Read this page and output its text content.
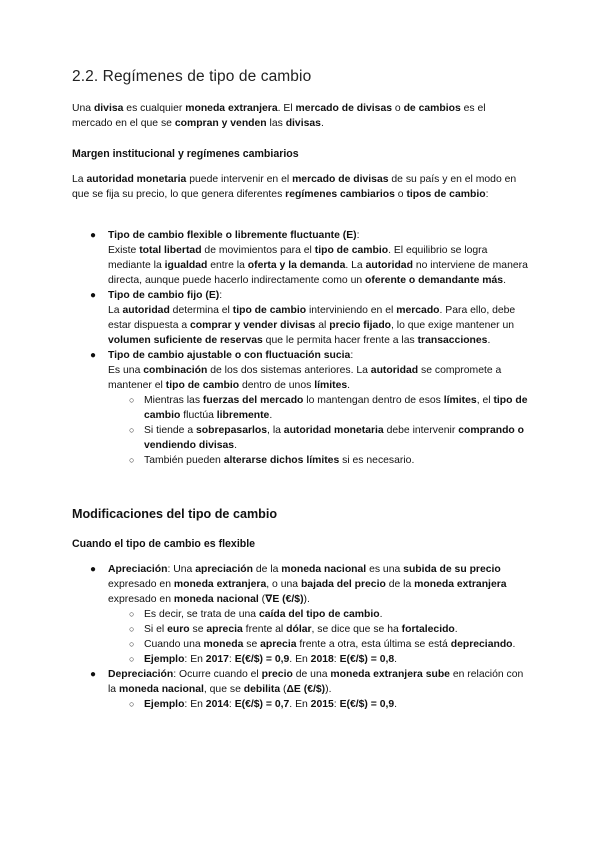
2.2. Regímenes de tipo de cambio

Una divisa es cualquier moneda extranjera. El mercado de divisas o de cambios es el mercado en el que se compran y venden las divisas.

Margen institucional y regímenes cambiarios

La autoridad monetaria puede intervenir en el mercado de divisas de su país y en el modo en que se fija su precio, lo que genera diferentes regímenes cambiarios o tipos de cambio:

● Tipo de cambio flexible o libremente fluctuante (E):
Existe total libertad de movimientos para el tipo de cambio. El equilibrio se logra mediante la igualdad entre la oferta y la demanda. La autoridad no interviene de manera directa, aunque puede hacerlo indirectamente como un oferente o demandante más.
● Tipo de cambio fijo (E):
La autoridad determina el tipo de cambio interviniendo en el mercado. Para ello, debe estar dispuesta a comprar y vender divisas al precio fijado, lo que exige mantener un volumen suficiente de reservas que le permita hacer frente a las transacciones.
● Tipo de cambio ajustable o con fluctuación sucia:
Es una combinación de los dos sistemas anteriores. La autoridad se compromete a mantener el tipo de cambio dentro de unos límites.
○ Mientras las fuerzas del mercado lo mantengan dentro de esos límites, el tipo de cambio fluctúa libremente.
○ Si tiende a sobrepasarlos, la autoridad monetaria debe intervenir comprando o vendiendo divisas.
○ También pueden alterarse dichos límites si es necesario.

Modificaciones del tipo de cambio

Cuando el tipo de cambio es flexible

● Apreciación: Una apreciación de la moneda nacional es una subida de su precio expresado en moneda extranjera, o una bajada del precio de la moneda extranjera expresado en moneda nacional (∇E (€/$)).
○ Es decir, se trata de una caída del tipo de cambio.
○ Si el euro se aprecia frente al dólar, se dice que se ha fortalecido.
○ Cuando una moneda se aprecia frente a otra, esta última se está depreciando.
○ Ejemplo: En 2017: E(€/$) = 0,9. En 2018: E(€/$) = 0,8.
● Depreciación: Ocurre cuando el precio de una moneda extranjera sube en relación con la moneda nacional, que se debilita (ΔE (€/$)).
○ Ejemplo: En 2014: E(€/$) = 0,7. En 2015: E(€/$) = 0,9.
